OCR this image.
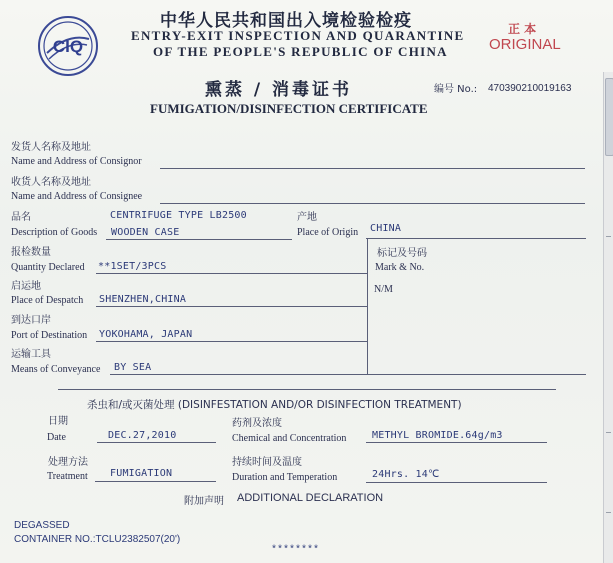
CIQ
中华人民共和国出入境检验检疫
ENTRY-EXIT INSPECTION AND QUARANTINE
OF THE PEOPLE'S REPUBLIC OF CHINA
正 本
ORIGINAL
熏蒸 / 消毒证书
FUMIGATION/DISINFECTION CERTIFICATE
编号 No.: 470390210019163
发货人名称及地址
Name and Address of Consignor
收货人名称及地址
Name and Address of Consignee
品名	CENTRIFUGE TYPE LB2500
Description of Goods WOODEN CASE
产地
Place of Origin CHINA
标记及号码
Mark & No.
N/M
报检数量
Quantity Declared **1SET/3PCS
启运地
Place of Despatch SHENZHEN,CHINA
到达口岸
Port of Destination YOKOHAMA, JAPAN
运输工具
Means of Conveyance BY SEA
杀虫和/或灭菌处理 (DISINFESTATION AND/OR DISINFECTION TREATMENT)
日期
Date	DEC.27,2010
药剂及浓度
Chemical and Concentration	METHYL BROMIDE.64g/m3
处理方法
Treatment FUMIGATION
持续时间及温度
Duration and Temperation	24Hrs. 14℃
附加声明 ADDITIONAL DECLARATION
DEGASSED
CONTAINER NO.:TCLU2382507(20')
********
